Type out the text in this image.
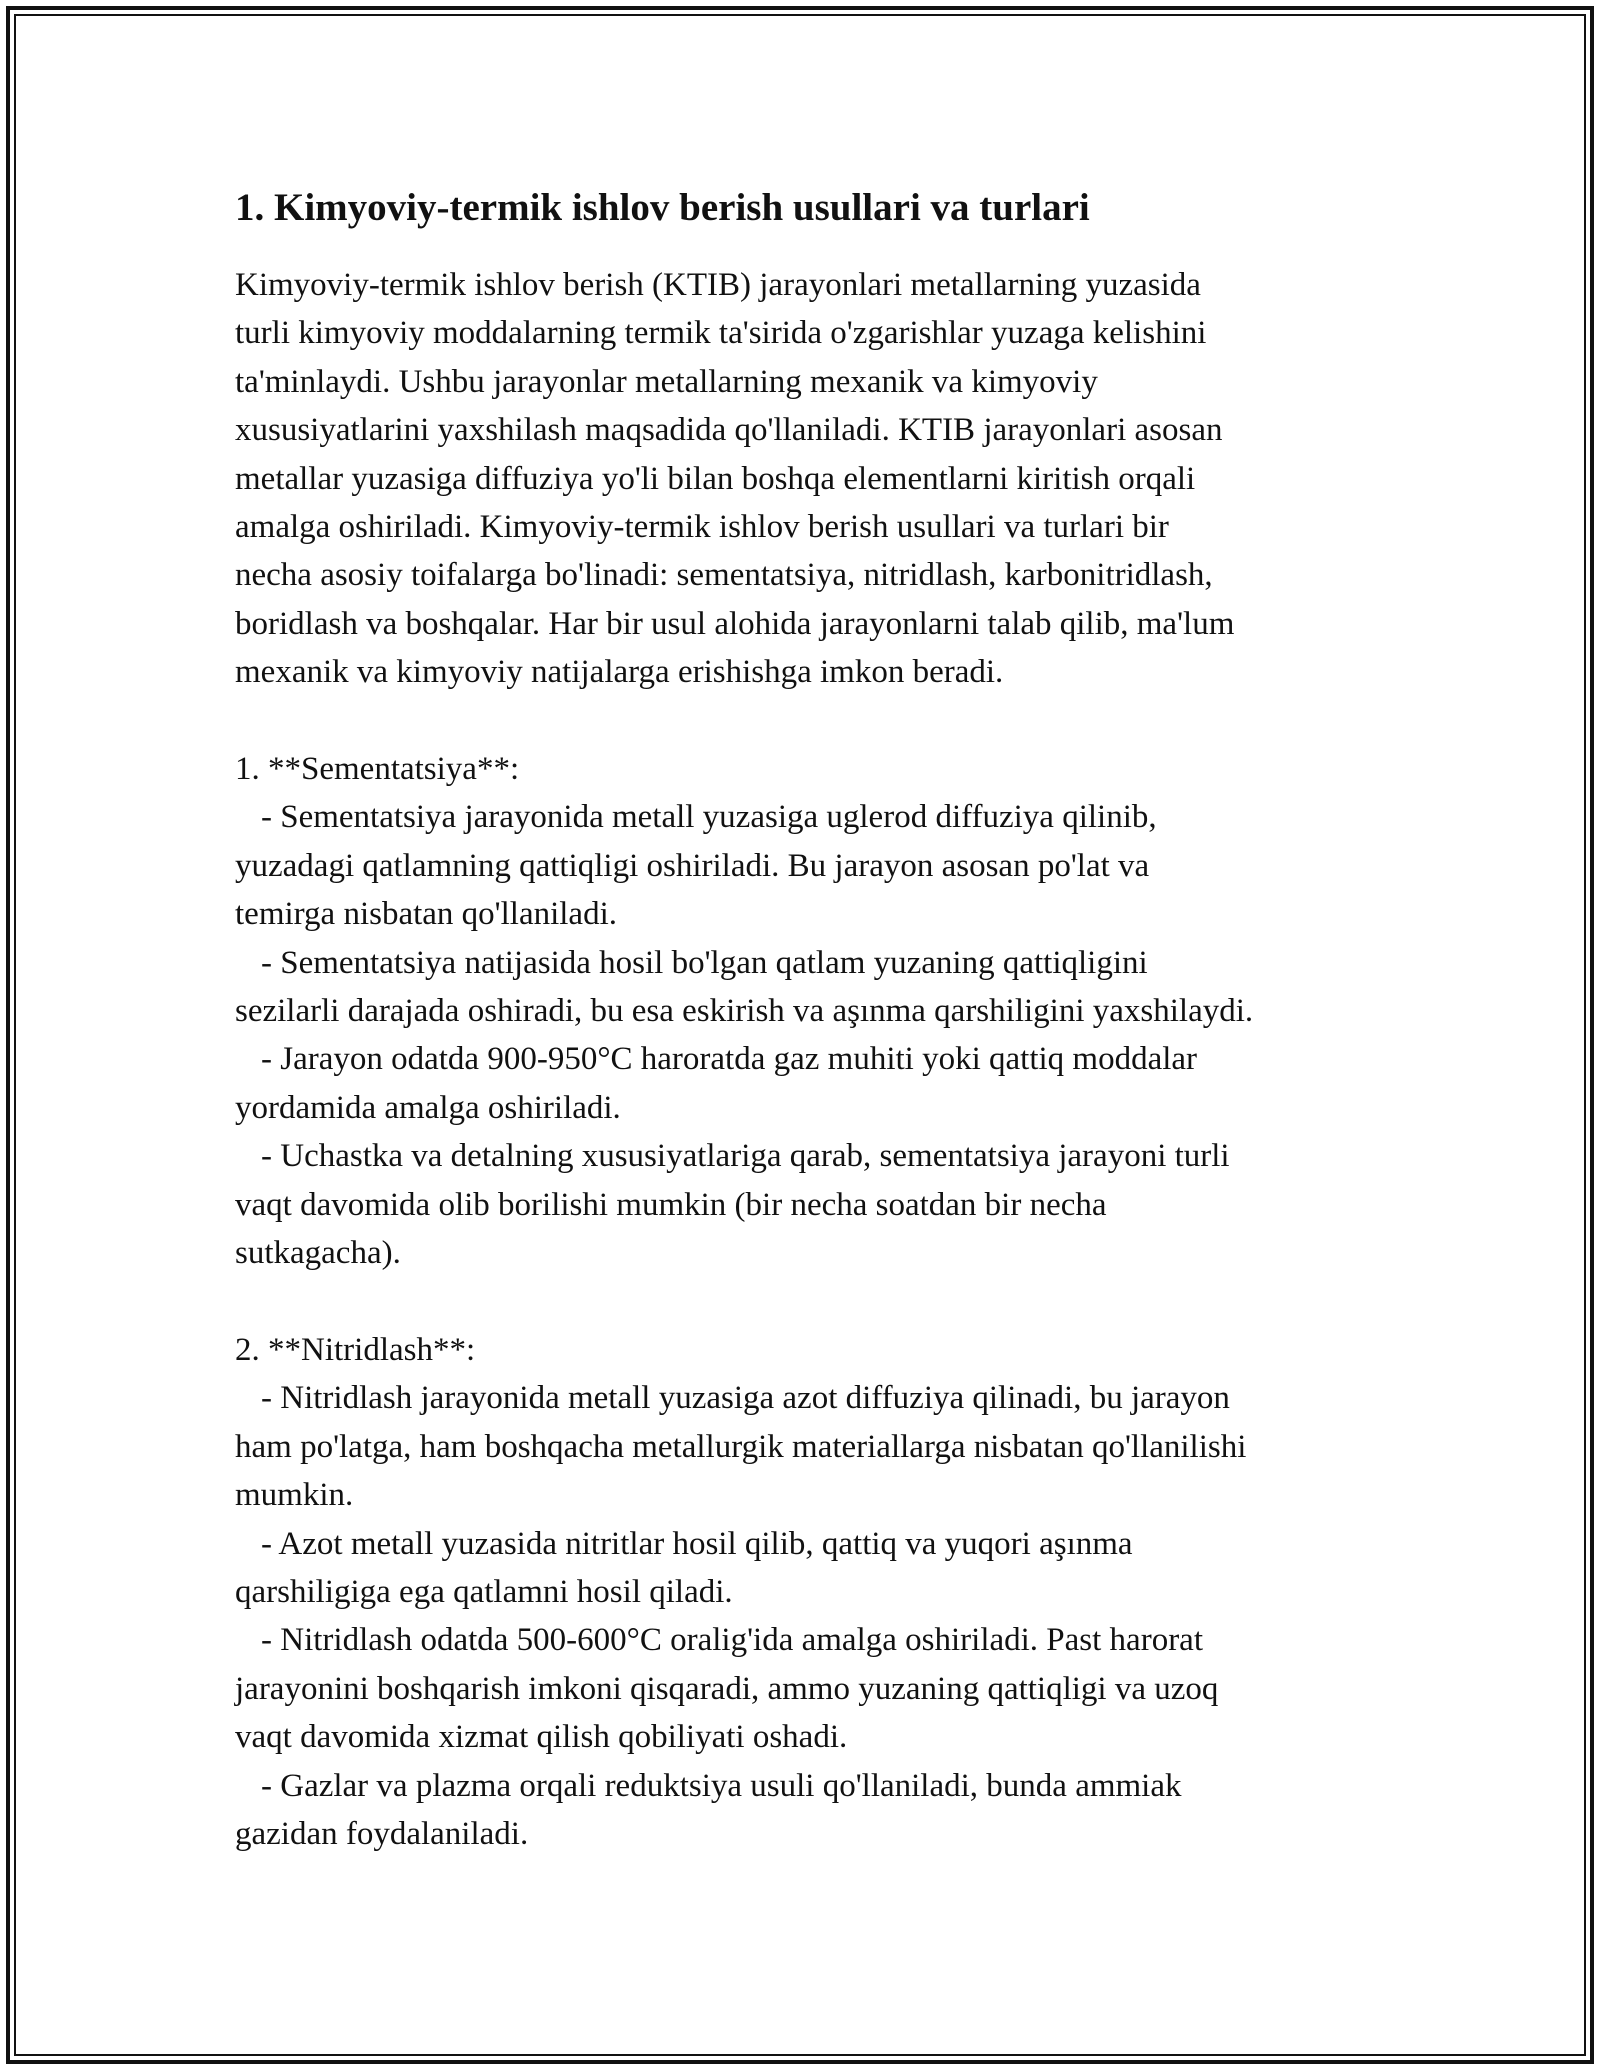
1. Kimyoviy-termik ishlov berish usullari va turlari

Kimyoviy-termik ishlov berish (KTIB) jarayonlari metallarning yuzasida
turli kimyoviy moddalarning termik ta'sirida o'zgarishlar yuzaga kelishini
ta'minlaydi. Ushbu jarayonlar metallarning mexanik va kimyoviy
xususiyatlarini yaxshilash maqsadida qo'llaniladi. KTIB jarayonlari asosan
metallar yuzasiga diffuziya yo'li bilan boshqa elementlarni kiritish orqali
amalga oshiriladi. Kimyoviy-termik ishlov berish usullari va turlari bir
necha asosiy toifalarga bo'linadi: sementatsiya, nitridlash, karbonitridlash,
boridlash va boshqalar. Har bir usul alohida jarayonlarni talab qilib, ma'lum
mexanik va kimyoviy natijalarga erishishga imkon beradi.

1. **Sementatsiya**:

- Sementatsiya jarayonida metall yuzasiga uglerod diffuziya qilinib,
yuzadagi qatlamning qattiqligi oshiriladi. Bu jarayon asosan po'lat va
temirga nisbatan qo'llaniladi.

- Sementatsiya natijasida hosil bo'lgan qatlam yuzaning qattiqligini
sezilarli darajada oshiradi, bu esa eskirish va aşınma qarshiligini yaxshilaydi.

- Jarayon odatda 900-950°C haroratda gaz muhiti yoki qattiq moddalar
yordamida amalga oshiriladi.

- Uchastka va detalning xususiyatlariga qarab, sementatsiya jarayoni turli
vaqt davomida olib borilishi mumkin (bir necha soatdan bir necha
sutkagacha).

2. **Nitridlash**:

- Nitridlash jarayonida metall yuzasiga azot diffuziya qilinadi, bu jarayon
ham po'latga, ham boshqacha metallurgik materiallarga nisbatan qo'llanilishi
mumkin.

- Azot metall yuzasida nitritlar hosil qilib, qattiq va yuqori aşınma
qarshiligiga ega qatlamni hosil qiladi.

- Nitridlash odatda 500-600°C oralig'ida amalga oshiriladi. Past harorat
jarayonini boshqarish imkoni qisqaradi, ammo yuzaning qattiqligi va uzoq
vaqt davomida xizmat qilish qobiliyati oshadi.

- Gazlar va plazma orqali reduktsiya usuli qo'llaniladi, bunda ammiak
gazidan foydalaniladi.
